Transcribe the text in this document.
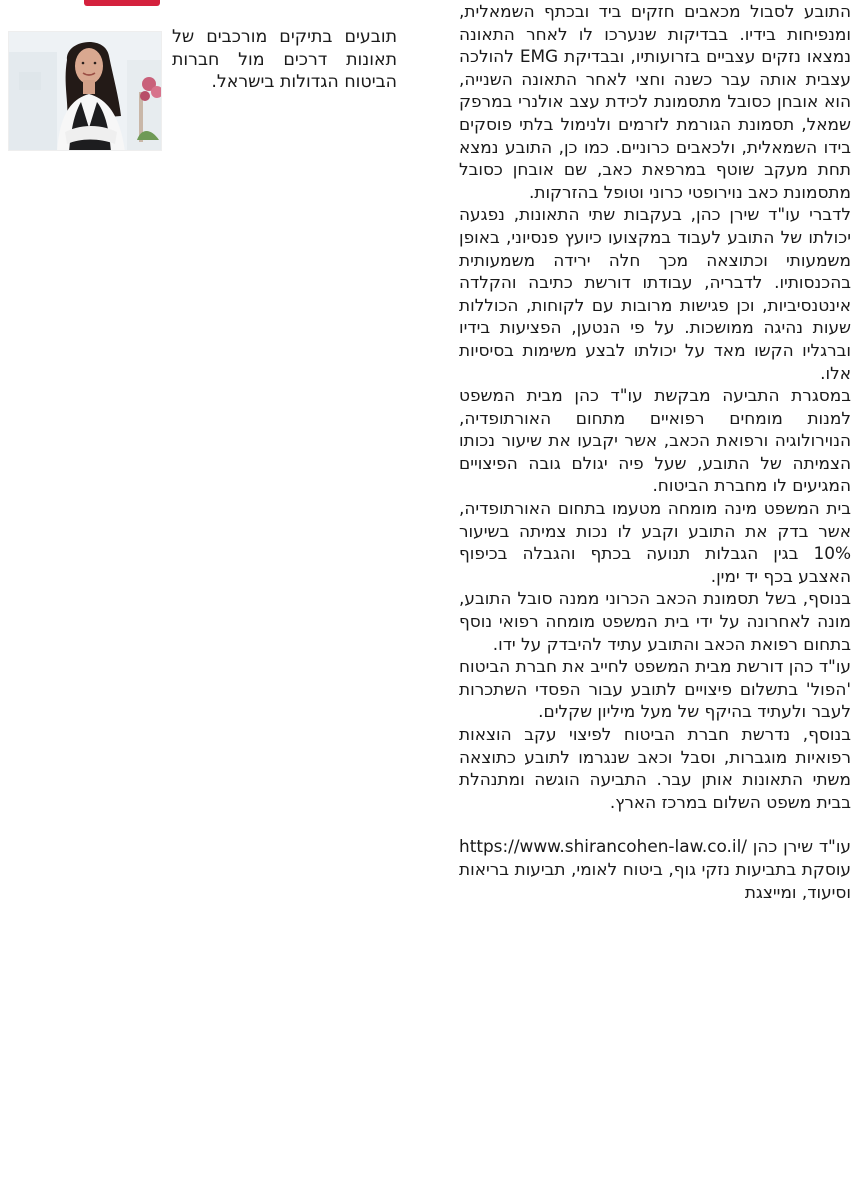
התובע לסבול מכאבים חזקים ביד ובכתף השמאלית, ומנפיחות בידיו. בבדיקות שנערכו לו לאחר התאונה נמצאו נזקים עצביים בזרועותיו, ובבדיקת EMG להולכה עצבית אותה עבר כשנה וחצי לאחר התאונה השנייה, הוא אובחן כסובל מתסמונת לכידת עצב אולנרי במרפק שמאל, תסמונת הגורמת לזרמים ולנימול בלתי פוסקים בידו השמאלית, ולכאבים כרוניים. כמו כן, התובע נמצא תחת מעקב שוטף במרפאת כאב, שם אובחן כסובל מתסמונת כאב נוירופטי כרוני וטופל בהזרקות.

לדברי עו"ד שירן כהן, בעקבות שתי התאונות, נפגעה יכולתו של התובע לעבוד במקצועו כיועץ פנסיוני, באופן משמעותי וכתוצאה מכך חלה ירידה משמעותית בהכנסותיו. לדבריה, עבודתו דורשת כתיבה והקלדה אינטנסיביות, וכן פגישות מרובות עם לקוחות, הכוללות שעות נהיגה ממושכות. על פי הנטען, הפציעות בידיו וברגליו הקשו מאד על יכולתו לבצע משימות בסיסיות אלו.

במסגרת התביעה מבקשת עו"ד כהן מבית המשפט למנות מומחים רפואיים מתחום האורתופדיה, הנוירולוגיה ורפואת הכאב, אשר יקבעו את שיעור נכותו הצמיתה של התובע, שעל פיה יגולם גובה הפיצויים המגיעים לו מחברת הביטוח.

בית המשפט מינה מומחה מטעמו בתחום האורתופדיה, אשר בדק את התובע וקבע לו נכות צמיתה בשיעור 10% בגין הגבלות תנועה בכתף והגבלה בכיפוף האצבע בכף יד ימין.

בנוסף, בשל תסמונת הכאב הכרוני ממנה סובל התובע, מונה לאחרונה על ידי בית המשפט מומחה רפואי נוסף בתחום רפואת הכאב והתובע עתיד להיבדק על ידו.

עו"ד כהן דורשת מבית המשפט לחייב את חברת הביטוח 'הפול' בתשלום פיצויים לתובע עבור הפסדי השתכרות לעבר ולעתיד בהיקף של מעל מיליון שקלים.

בנוסף, נדרשת חברת הביטוח לפיצוי עקב הוצאות רפואיות מוגברות, וסבל וכאב שנגרמו לתובע כתוצאה משתי התאונות אותן עבר. התביעה הוגשה ומתנהלת בבית משפט השלום במרכז הארץ.

עו"ד שירן כהן https://www.shirancohen-law.co.il/ עוסקת בתביעות נזקי גוף, ביטוח לאומי, תביעות בריאות וסיעוד, ומייצגת

תובעים בתיקים מורכבים של תאונות דרכים מול חברות הביטוח הגדולות בישראל.
